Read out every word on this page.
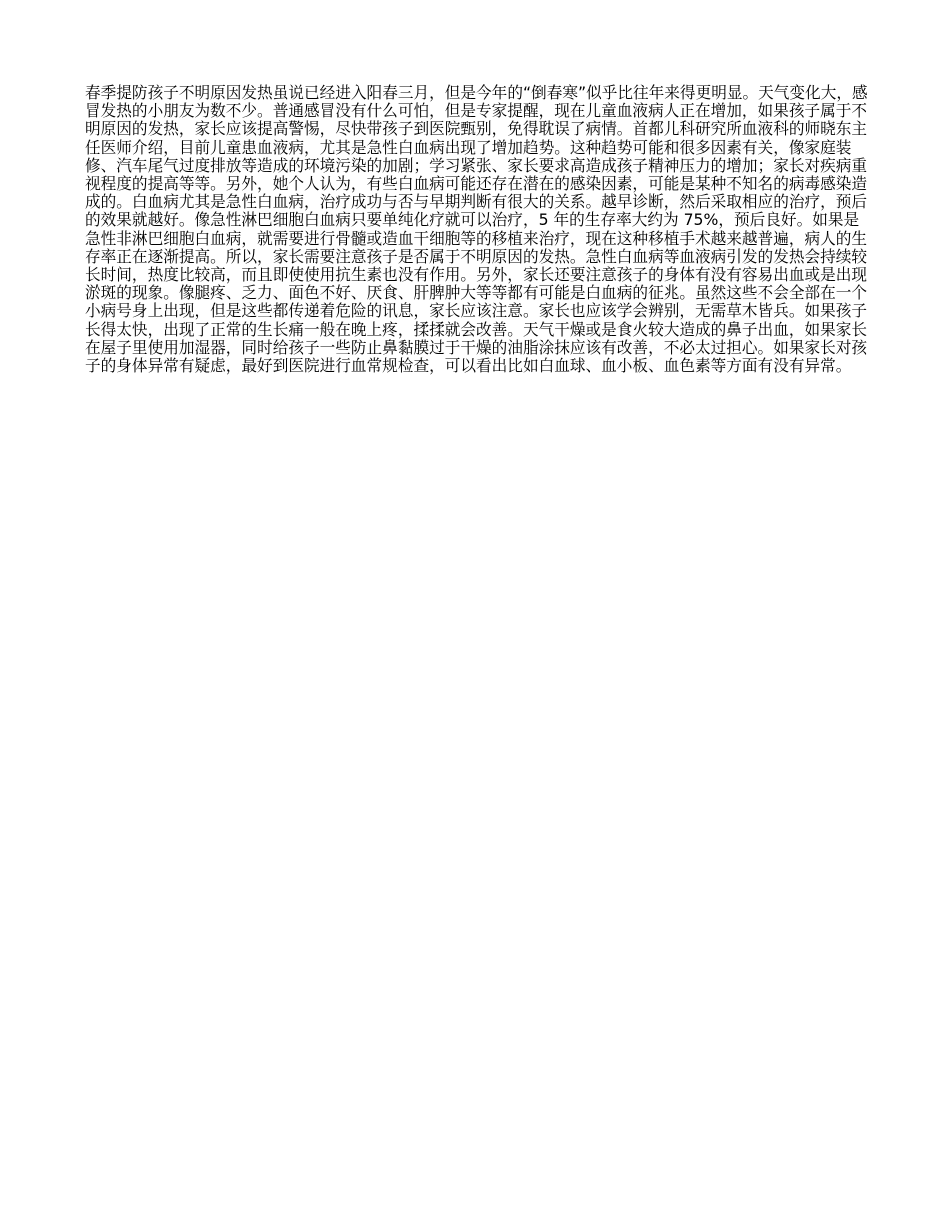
春季提防孩子不明原因发热虽说已经进入阳春三月，但是今年的“倒春寒”似乎比往年来得更明显。天气变化大，感冒发热的小朋友为数不少。普通感冒没有什么可怕，但是专家提醒，现在儿童血液病人正在增加，如果孩子属于不明原因的发热，家长应该提高警惕，尽快带孩子到医院甄别，免得耽误了病情。首都儿科研究所血液科的师晓东主任医师介绍，目前儿童患血液病，尤其是急性白血病出现了增加趋势。这种趋势可能和很多因素有关，像家庭装修、汽车尾气过度排放等造成的环境污染的加剧；学习紧张、家长要求高造成孩子精神压力的增加；家长对疾病重视程度的提高等等。另外，她个人认为，有些白血病可能还存在潜在的感染因素，可能是某种不知名的病毒感染造成的。白血病尤其是急性白血病，治疗成功与否与早期判断有很大的关系。越早诊断，然后采取相应的治疗，预后的效果就越好。像急性淋巴细胞白血病只要单纯化疗就可以治疗，5 年的生存率大约为 75%，预后良好。如果是急性非淋巴细胞白血病，就需要进行骨髓或造血干细胞等的移植来治疗，现在这种移植手术越来越普遍，病人的生存率正在逐渐提高。所以，家长需要注意孩子是否属于不明原因的发热。急性白血病等血液病引发的发热会持续较长时间，热度比较高，而且即使使用抗生素也没有作用。另外，家长还要注意孩子的身体有没有容易出血或是出现淤斑的现象。像腿疼、乏力、面色不好、厌食、肝脾肿大等等都有可能是白血病的征兆。虽然这些不会全部在一个小病号身上出现，但是这些都传递着危险的讯息，家长应该注意。家长也应该学会辨别，无需草木皆兵。如果孩子长得太快，出现了正常的生长痛一般在晚上疼，揉揉就会改善。天气干燥或是食火较大造成的鼻子出血，如果家长在屋子里使用加湿器，同时给孩子一些防止鼻黏膜过于干燥的油脂涂抹应该有改善，不必太过担心。如果家长对孩子的身体异常有疑虑，最好到医院进行血常规检查，可以看出比如白血球、血小板、血色素等方面有没有异常。
